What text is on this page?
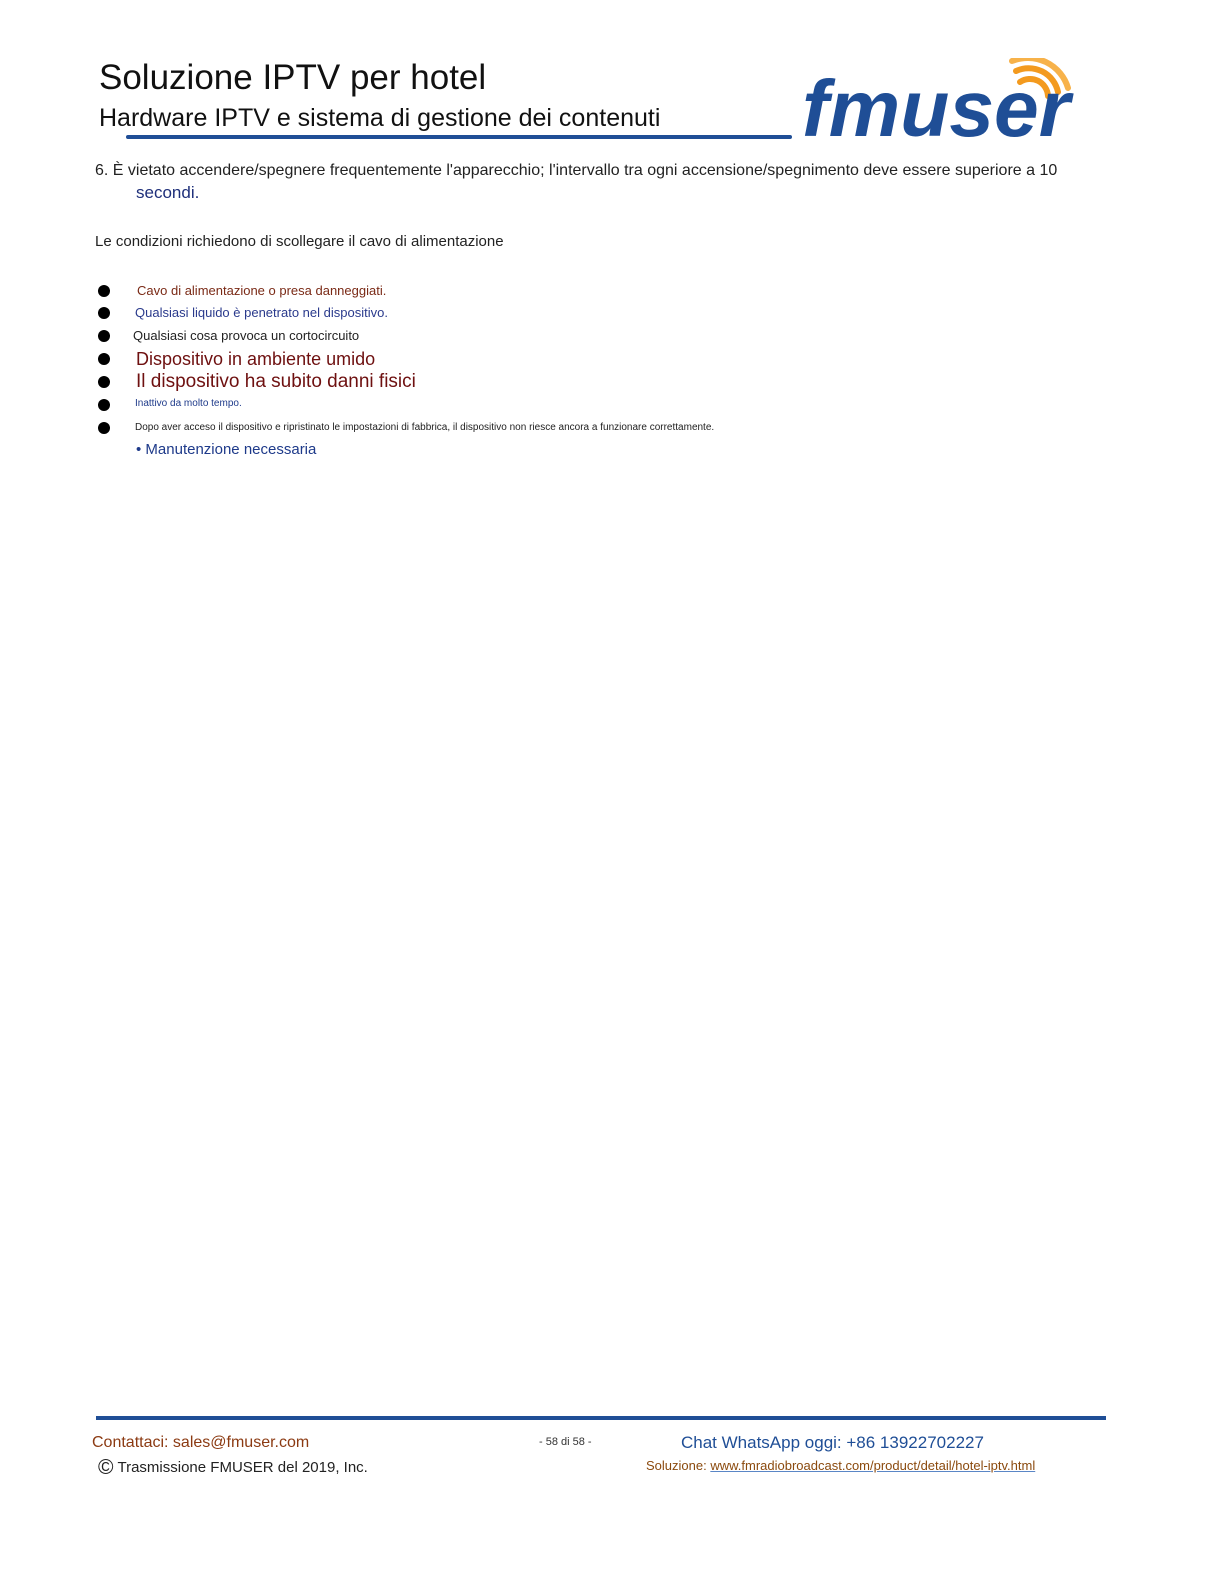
Soluzione IPTV per hotel
Hardware IPTV e sistema di gestione dei contenuti fmuser
6. È vietato accendere/spegnere frequentemente l'apparecchio; l'intervallo tra ogni accensione/spegnimento deve essere superiore a 10
secondi.
Le condizioni richiedono di scollegare il cavo di alimentazione
Cavo di alimentazione o presa danneggiati.
Qualsiasi liquido è penetrato nel dispositivo.
Qualsiasi cosa provoca un cortocircuito
Dispositivo in ambiente umido
Il dispositivo ha subito danni fisici
Inattivo da molto tempo.
Dopo aver acceso il dispositivo e ripristinato le impostazioni di fabbrica, il dispositivo non riesce ancora a funzionare correttamente.
• Manutenzione necessaria
Contattaci: sales@fmuser.com
© Trasmissione FMUSER del 2019, Inc.
- 58 di 58 -	Chat WhatsApp oggi: +86 13922702227
Soluzione: www.fmradiobroadcast.com/product/detail/hotel-iptv.html
